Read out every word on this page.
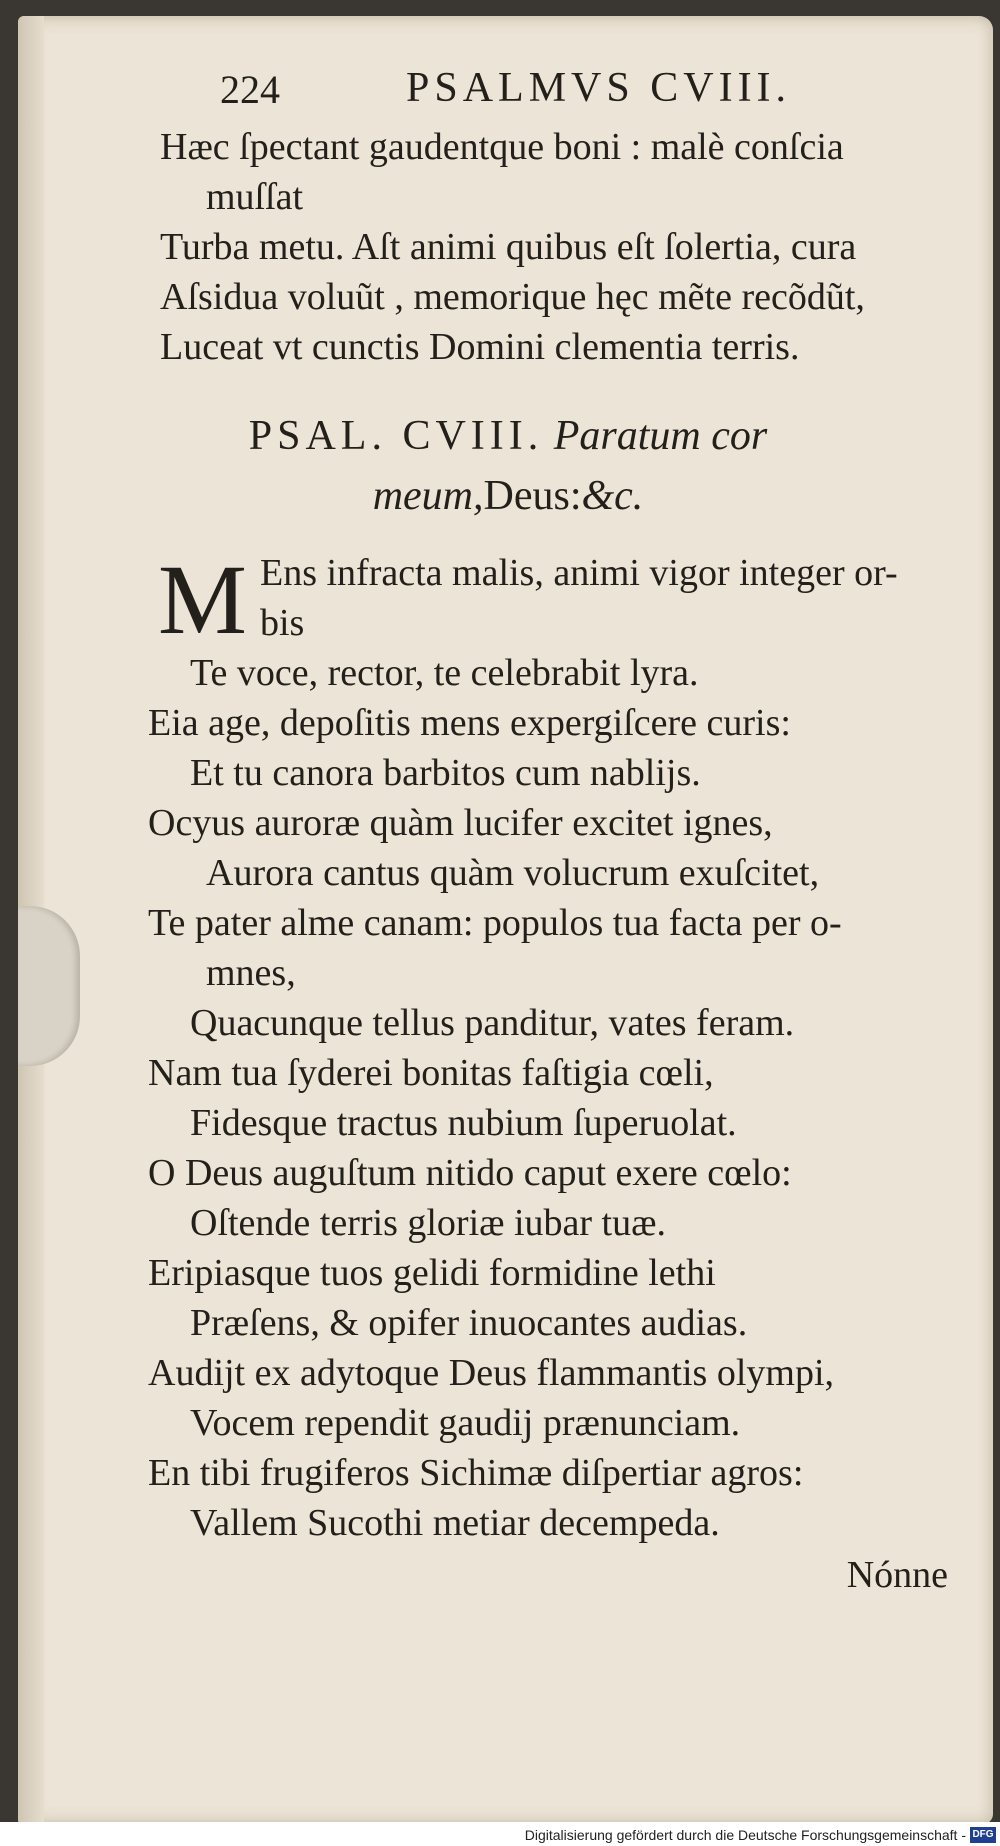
224	PSALMVS CVIII.
Hæc ſpectant gaudentque boni : malè conſcia
muſſat
Turba metu. Aſt animi quibus eſt ſolertia, cura
Aſsidua voluũt , memorique hęc mẽte recõdũt,
Luceat vt cunctis Domini clementia terris.
PSAL. CVIII. Paratum cor
meum,Deus:&c.
M Ens infracta malis, animi vigor integer or-
bis
Te voce, rector, te celebrabit lyra.
Eia age, depoſitis mens expergiſcere curis:
Et tu canora barbitos cum nablijs.
Ocyus auroræ quàm lucifer excitet ignes,
Aurora cantus quàm volucrum exuſcitet,
Te pater alme canam: populos tua facta per o-
mnes,
Quacunque tellus panditur, vates feram.
Nam tua ſyderei bonitas faſtigia cœli,
Fidesque tractus nubium ſuperuolat.
O Deus auguſtum nitido caput exere cœlo:
Oſtende terris gloriæ iubar tuæ.
Eripiasque tuos gelidi formidine lethi
Præſens, & opifer inuocantes audias.
Audijt ex adytoque Deus flammantis olympi,
Vocem rependit gaudij prænunciam.
En tibi frugiferos Sichimæ diſpertiar agros:
Vallem Sucothi metiar decempeda.
Nónne
Digitalisierung gefördert durch die Deutsche Forschungsgemeinschaft - DFG
